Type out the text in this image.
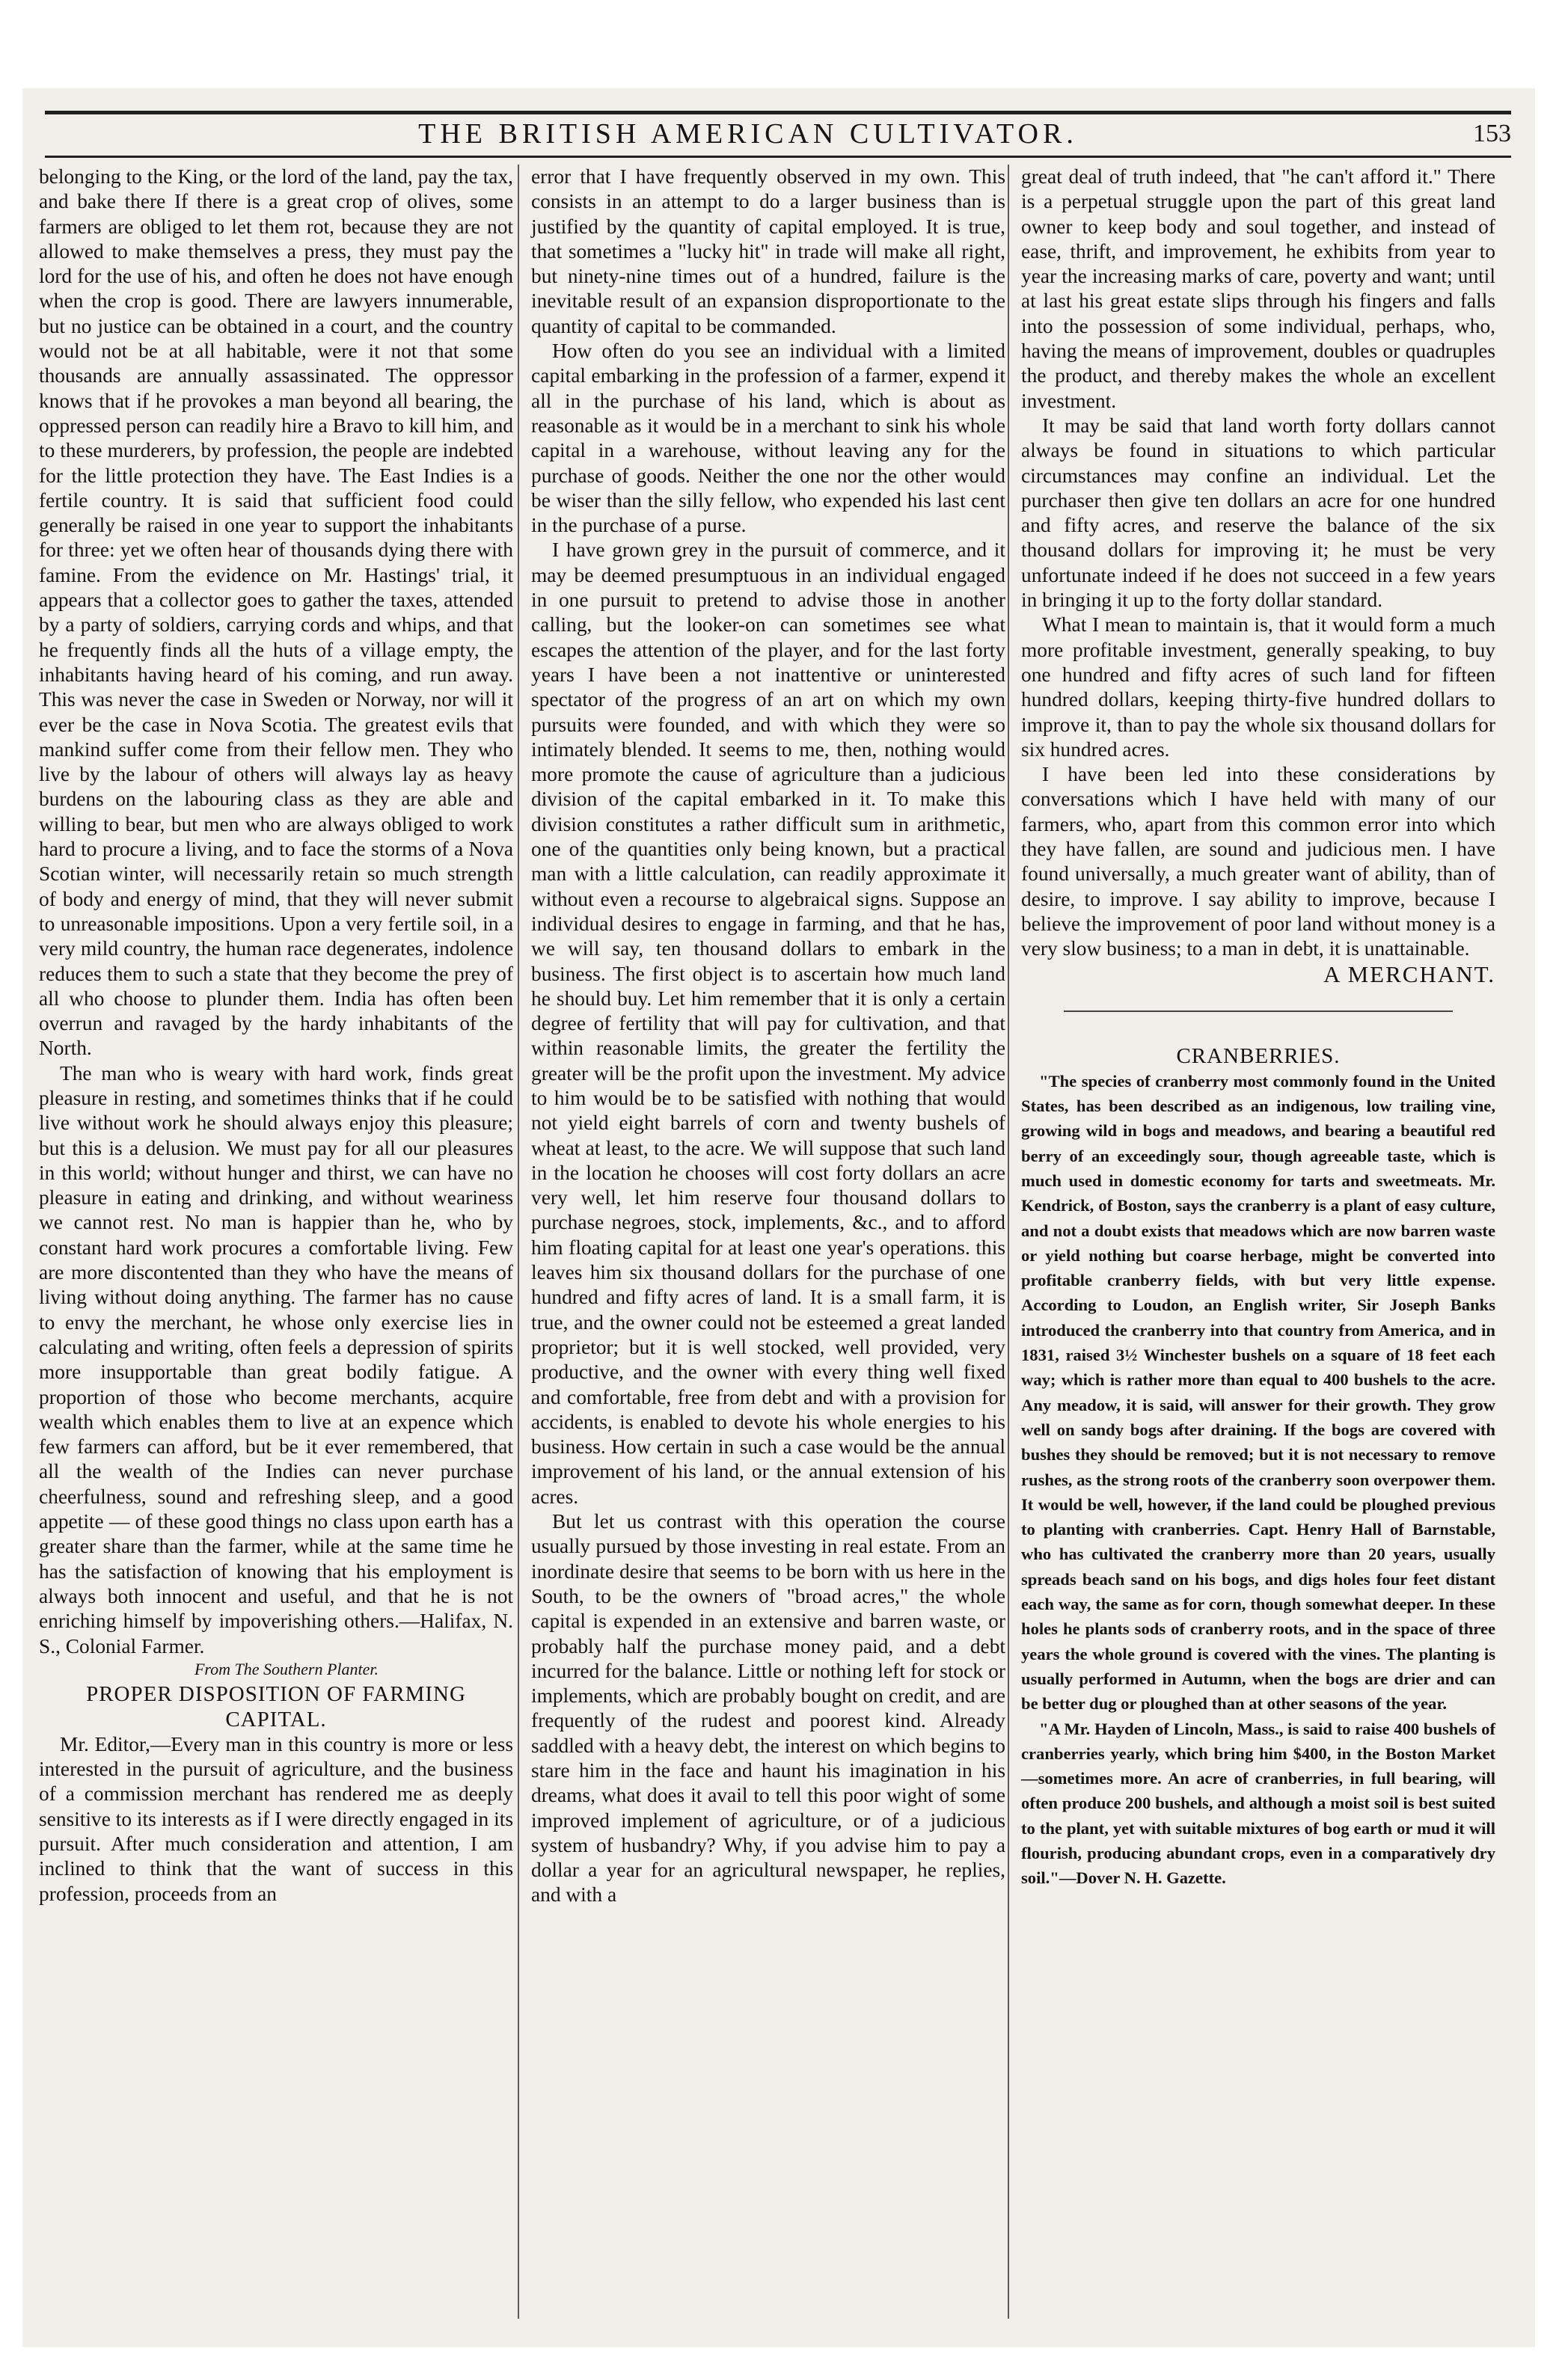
THE BRITISH AMERICAN CULTIVATOR.	153

belonging to the King, or the lord of the land, pay the tax, and bake there If there is a great crop of olives, some farmers are obliged to let them rot, because they are not allowed to make themselves a press, they must pay the lord for the use of his, and often he does not have enough when the crop is good. There are lawyers innumerable, but no justice can be obtained in a court, and the country would not be at all habitable, were it not that some thousands are annually assassinated. The oppressor knows that if he provokes a man beyond all bearing, the oppressed person can readily hire a Bravo to kill him, and to these murderers, by profession, the people are indebted for the little protection they have. The East Indies is a fertile country. It is said that sufficient food could generally be raised in one year to support the inhabitants for three: yet we often hear of thousands dying there with famine. From the evidence on Mr. Hastings' trial, it appears that a collector goes to gather the taxes, attended by a party of soldiers, carrying cords and whips, and that he frequently finds all the huts of a village empty, the inhabitants having heard of his coming, and run away. This was never the case in Sweden or Norway, nor will it ever be the case in Nova Scotia. The greatest evils that mankind suffer come from their fellow men. They who live by the labour of others will always lay as heavy burdens on the labouring class as they are able and willing to bear, but men who are always obliged to work hard to procure a living, and to face the storms of a Nova Scotian winter, will necessarily retain so much strength of body and energy of mind, that they will never submit to unreasonable impositions. Upon a very fertile soil, in a very mild country, the human race degenerates, indolence reduces them to such a state that they become the prey of all who choose to plunder them. India has often been overrun and ravaged by the hardy inhabitants of the North.

The man who is weary with hard work, finds great pleasure in resting, and sometimes thinks that if he could live without work he should always enjoy this pleasure; but this is a delusion. We must pay for all our pleasures in this world; without hunger and thirst, we can have no pleasure in eating and drinking, and without weariness we cannot rest. No man is happier than he, who by constant hard work procures a comfortable living. Few are more discontented than they who have the means of living without doing anything. The farmer has no cause to envy the merchant, he whose only exercise lies in calculating and writing, often feels a depression of spirits more insupportable than great bodily fatigue. A proportion of those who become merchants, acquire wealth which enables them to live at an expence which few farmers can afford, but be it ever remembered, that all the wealth of the Indies can never purchase cheerfulness, sound and refreshing sleep, and a good appetite — of these good things no class upon earth has a greater share than the farmer, while at the same time he has the satisfaction of knowing that his employment is always both innocent and useful, and that he is not enriching himself by impoverishing others.—Halifax, N. S., Colonial Farmer.

From The Southern Planter.

PROPER DISPOSITION OF FARMING CAPITAL.

Mr. Editor,—Every man in this country is more or less interested in the pursuit of agriculture, and the business of a commission merchant has rendered me as deeply sensitive to its interests as if I were directly engaged in its pursuit. After much consideration and attention, I am inclined to think that the want of success in this profession, proceeds from an

error that I have frequently observed in my own. This consists in an attempt to do a larger business than is justified by the quantity of capital employed. It is true, that sometimes a "lucky hit" in trade will make all right, but ninety-nine times out of a hundred, failure is the inevitable result of an expansion disproportionate to the quantity of capital to be commanded.

How often do you see an individual with a limited capital embarking in the profession of a farmer, expend it all in the purchase of his land, which is about as reasonable as it would be in a merchant to sink his whole capital in a warehouse, without leaving any for the purchase of goods. Neither the one nor the other would be wiser than the silly fellow, who expended his last cent in the purchase of a purse.

I have grown grey in the pursuit of commerce, and it may be deemed presumptuous in an individual engaged in one pursuit to pretend to advise those in another calling, but the looker-on can sometimes see what escapes the attention of the player, and for the last forty years I have been a not inattentive or uninterested spectator of the progress of an art on which my own pursuits were founded, and with which they were so intimately blended. It seems to me, then, nothing would more promote the cause of agriculture than a judicious division of the capital embarked in it. To make this division constitutes a rather difficult sum in arithmetic, one of the quantities only being known, but a practical man with a little calculation, can readily approximate it without even a recourse to algebraical signs. Suppose an individual desires to engage in farming, and that he has, we will say, ten thousand dollars to embark in the business. The first object is to ascertain how much land he should buy. Let him remember that it is only a certain degree of fertility that will pay for cultivation, and that within reasonable limits, the greater the fertility the greater will be the profit upon the investment. My advice to him would be to be satisfied with nothing that would not yield eight barrels of corn and twenty bushels of wheat at least, to the acre. We will suppose that such land in the location he chooses will cost forty dollars an acre very well, let him reserve four thousand dollars to purchase negroes, stock, implements, &c., and to afford him floating capital for at least one year's operations. this leaves him six thousand dollars for the purchase of one hundred and fifty acres of land. It is a small farm, it is true, and the owner could not be esteemed a great landed proprietor; but it is well stocked, well provided, very productive, and the owner with every thing well fixed and comfortable, free from debt and with a provision for accidents, is enabled to devote his whole energies to his business. How certain in such a case would be the annual improvement of his land, or the annual extension of his acres.

But let us contrast with this operation the course usually pursued by those investing in real estate. From an inordinate desire that seems to be born with us here in the South, to be the owners of "broad acres," the whole capital is expended in an extensive and barren waste, or probably half the purchase money paid, and a debt incurred for the balance. Little or nothing left for stock or implements, which are probably bought on credit, and are frequently of the rudest and poorest kind. Already saddled with a heavy debt, the interest on which begins to stare him in the face and haunt his imagination in his dreams, what does it avail to tell this poor wight of some improved implement of agriculture, or of a judicious system of husbandry? Why, if you advise him to pay a dollar a year for an agricultural newspaper, he replies, and with a

great deal of truth indeed, that "he can't afford it." There is a perpetual struggle upon the part of this great land owner to keep body and soul together, and instead of ease, thrift, and improvement, he exhibits from year to year the increasing marks of care, poverty and want; until at last his great estate slips through his fingers and falls into the possession of some individual, perhaps, who, having the means of improvement, doubles or quadruples the product, and thereby makes the whole an excellent investment.

It may be said that land worth forty dollars cannot always be found in situations to which particular circumstances may confine an individual. Let the purchaser then give ten dollars an acre for one hundred and fifty acres, and reserve the balance of the six thousand dollars for improving it; he must be very unfortunate indeed if he does not succeed in a few years in bringing it up to the forty dollar standard.

What I mean to maintain is, that it would form a much more profitable investment, generally speaking, to buy one hundred and fifty acres of such land for fifteen hundred dollars, keeping thirty-five hundred dollars to improve it, than to pay the whole six thousand dollars for six hundred acres.

I have been led into these considerations by conversations which I have held with many of our farmers, who, apart from this common error into which they have fallen, are sound and judicious men. I have found universally, a much greater want of ability, than of desire, to improve. I say ability to improve, because I believe the improvement of poor land without money is a very slow business; to a man in debt, it is unattainable.

A MERCHANT.

CRANBERRIES.

"The species of cranberry most commonly found in the United States, has been described as an indigenous, low trailing vine, growing wild in bogs and meadows, and bearing a beautiful red berry of an exceedingly sour, though agreeable taste, which is much used in domestic economy for tarts and sweetmeats. Mr. Kendrick, of Boston, says the cranberry is a plant of easy culture, and not a doubt exists that meadows which are now barren waste or yield nothing but coarse herbage, might be converted into profitable cranberry fields, with but very little expense. According to Loudon, an English writer, Sir Joseph Banks introduced the cranberry into that country from America, and in 1831, raised 3½ Winchester bushels on a square of 18 feet each way; which is rather more than equal to 400 bushels to the acre. Any meadow, it is said, will answer for their growth. They grow well on sandy bogs after draining. If the bogs are covered with bushes they should be removed; but it is not necessary to remove rushes, as the strong roots of the cranberry soon overpower them. It would be well, however, if the land could be ploughed previous to planting with cranberries. Capt. Henry Hall of Barnstable, who has cultivated the cranberry more than 20 years, usually spreads beach sand on his bogs, and digs holes four feet distant each way, the same as for corn, though somewhat deeper. In these holes he plants sods of cranberry roots, and in the space of three years the whole ground is covered with the vines. The planting is usually performed in Autumn, when the bogs are drier and can be better dug or ploughed than at other seasons of the year.

"A Mr. Hayden of Lincoln, Mass., is said to raise 400 bushels of cranberries yearly, which bring him $400, in the Boston Market—sometimes more. An acre of cranberries, in full bearing, will often produce 200 bushels, and although a moist soil is best suited to the plant, yet with suitable mixtures of bog earth or mud it will flourish, producing abundant crops, even in a comparatively dry soil."—Dover N. H. Gazette.
